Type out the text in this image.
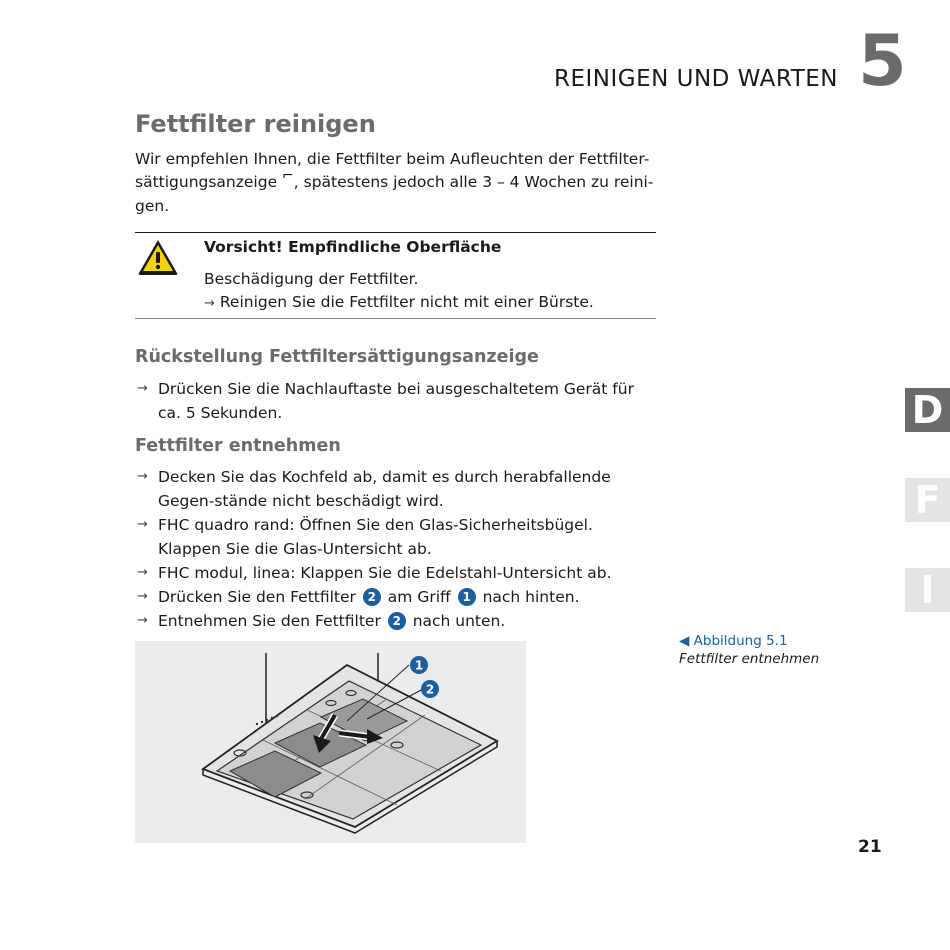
REINIGEN UND WARTEN 5
Fettfilter reinigen
Wir empfehlen Ihnen, die Fettfilter beim Aufleuchten der Fettfilter-
sättigungsanzeige ⌐, spätestens jedoch alle 3 – 4 Wochen zu reini-
gen.
Vorsicht! Empfindliche Oberfläche
Beschädigung der Fettfilter.
→ Reinigen Sie die Fettfilter nicht mit einer Bürste.
Rückstellung Fettfiltersättigungsanzeige
→ Drücken Sie die Nachlauftaste bei ausgeschaltetem Gerät für ca. 5 Sekunden.
Fettfilter entnehmen
→ Decken Sie das Kochfeld ab, damit es durch herabfallende Gegen-stände nicht beschädigt wird.
→ FHC quadro rand: Öffnen Sie den Glas-Sicherheitsbügel. Klappen Sie die Glas-Untersicht ab.
→ FHC modul, linea: Klappen Sie die Edelstahl-Untersicht ab.
→ Drücken Sie den Fettfilter 2 am Griff 1 nach hinten.
→ Entnehmen Sie den Fettfilter 2 nach unten.
1
2
◀ Abbildung 5.1
Fettfilter entnehmen
D
F
I
21
